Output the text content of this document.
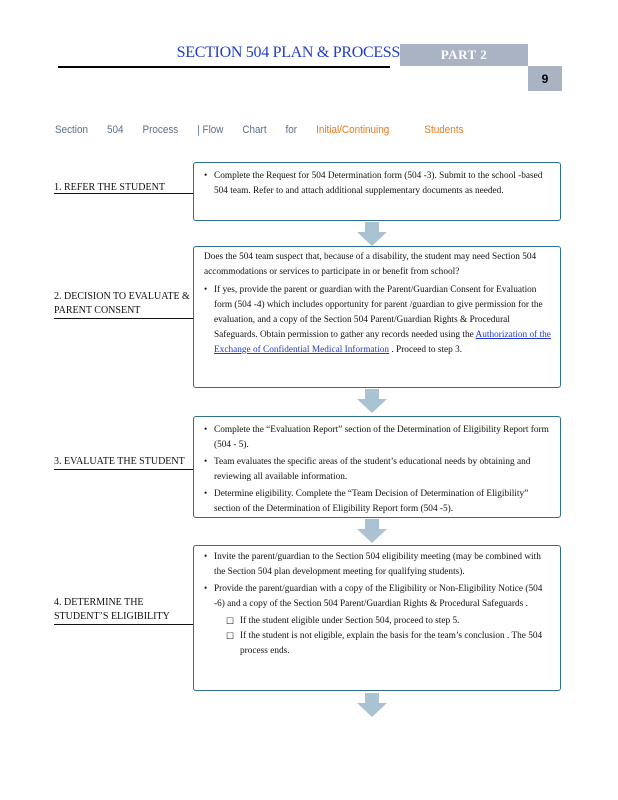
SECTION 504 PLAN & PROCESS	PART 2
9
Section 504 Process | Flow Chart for Initial/Continuing	Students
1. REFER THE STUDENT
• Complete the Request for 504 Determination form (504 -3). Submit to the school -based 504 team. Refer to and attach additional supplementary documents as needed.
2. DECISION TO EVALUATE &
PARENT CONSENT

Does the 504 team suspect that, because of a disability, the student may need Section 504 accommodations or services to participate in or benefit from school?

• If yes, provide the parent or guardian with the Parent/Guardian Consent for Evaluation form (504 -4) which includes opportunity for parent /guardian to give permission for the evaluation, and a copy of the Section 504 Parent/Guardian Rights & Procedural Safeguards. Obtain permission to gather any records needed using the Authorization of the Exchange of Confidential Medical Information . Proceed to step 3.
3. EVALUATE THE STUDENT
• Complete the “Evaluation Report” section of the Determination of Eligibility Report form (504 - 5).
• Team evaluates the specific areas of the student’s educational needs by obtaining and reviewing all available information.
• Determine eligibility. Complete the “Team Decision of Determination of Eligibility” section of the Determination of Eligibility Report form (504 -5).
4. DETERMINE THE
STUDENT’S ELIGIBILITY
• Invite the parent/guardian to the Section 504 eligibility meeting (may be combined with the Section 504 plan development meeting for qualifying students).
• Provide the parent/guardian with a copy of the Eligibility or Non-Eligibility Notice (504 -6) and a copy of the Section 504 Parent/Guardian Rights & Procedural Safeguards .
☐ If the student eligible under Section 504, proceed to step 5.
☐ If the student is not eligible, explain the basis for the team’s conclusion . The 504 process ends.
